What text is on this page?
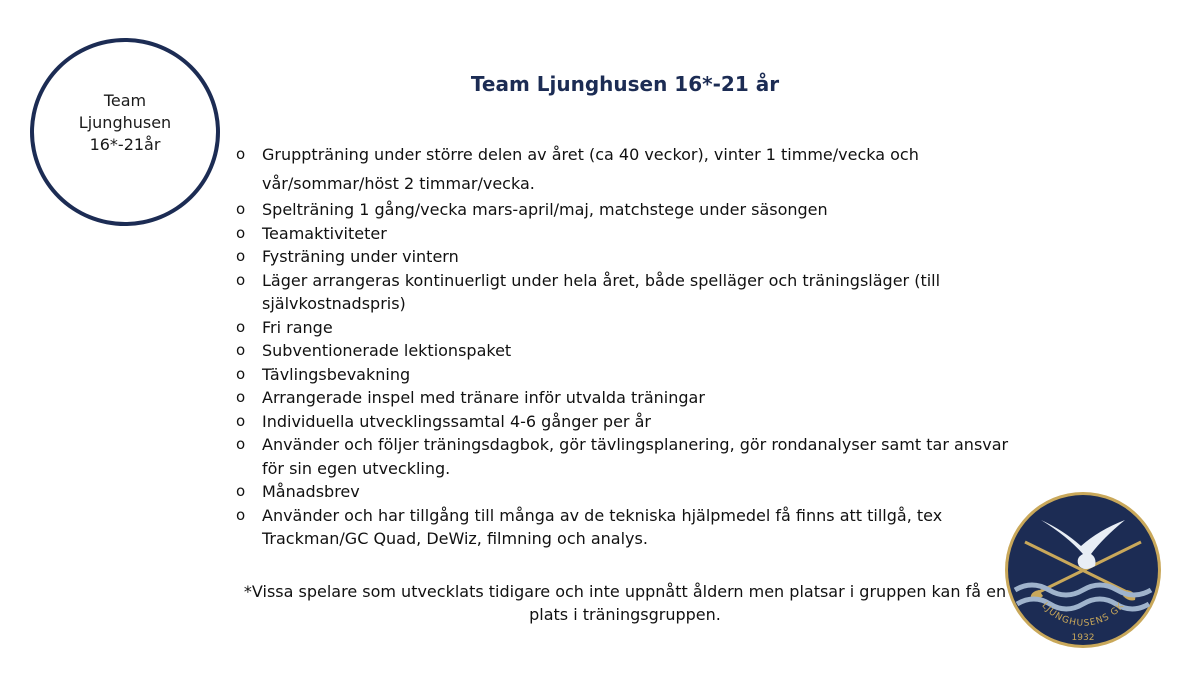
Team
Ljunghusen
16*-21år
Team Ljunghusen 16*-21 år
o Gruppträning under större delen av året (ca 40 veckor), vinter 1 timme/vecka och vår/sommar/höst 2 timmar/vecka.
o Spelträning 1 gång/vecka mars-april/maj, matchstege under säsongen
o Teamaktiviteter
o Fysträning under vintern
o Läger arrangeras kontinuerligt under hela året, både spelläger och träningsläger (till självkostnadspris)
o Fri range
o Subventionerade lektionspaket
o Tävlingsbevakning
o Arrangerade inspel med tränare inför utvalda träningar
o Individuella utvecklingssamtal 4-6 gånger per år
o Använder och följer träningsdagbok, gör tävlingsplanering, gör rondanalyser samt tar ansvar för sin egen utveckling.
o Månadsbrev
o Använder och har tillgång till många av de tekniska hjälpmedel få finns att tillgå, tex Trackman/GC Quad, DeWiz, filmning och analys.
*Vissa spelare som utvecklats tidigare och inte uppnått åldern men platsar i gruppen kan få en plats i träningsgruppen.	LJUNGHUSENS GK
1932
